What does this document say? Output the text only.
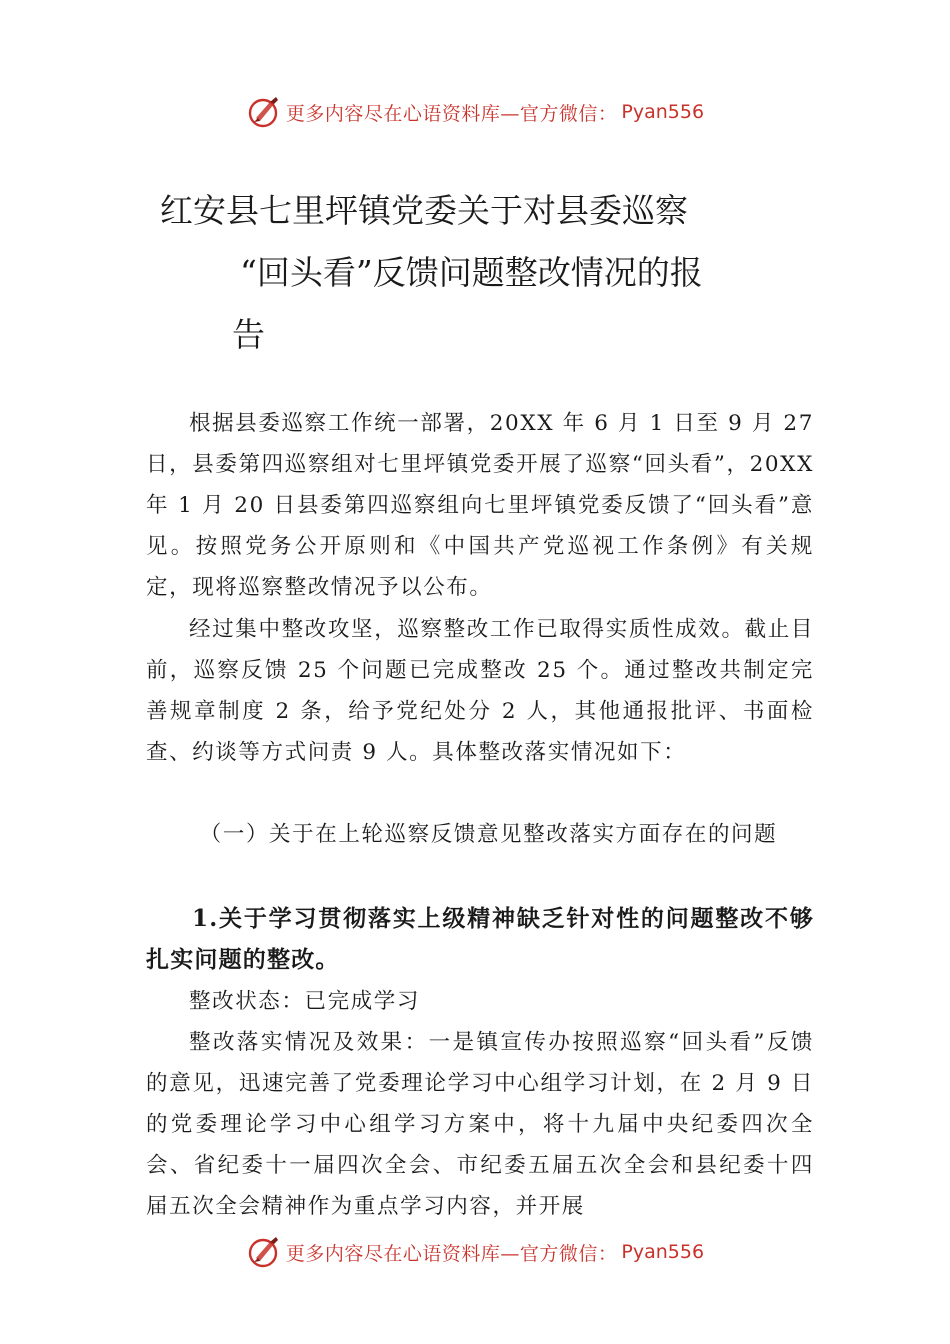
更多内容尽在心语资料库—官方微信： Pyan556
红安县七里坪镇党委关于对县委巡察
“回头看”反馈问题整改情况的报
告
根据县委巡察工作统一部署，20XX 年 6 月 1 日至 9 月 27 日，县委第四巡察组对七里坪镇党委开展了巡察“回头看”，20XX 年 1 月 20 日县委第四巡察组向七里坪镇党委反馈了“回头看”意见。按照党务公开原则和《中国共产党巡视工作条例》有关规定，现将巡察整改情况予以公布。
经过集中整改攻坚，巡察整改工作已取得实质性成效。截止目前，巡察反馈 25 个问题已完成整改 25 个。通过整改共制定完善规章制度 2 条，给予党纪处分 2 人，其他通报批评、书面检查、约谈等方式问责 9 人。具体整改落实情况如下：
（一）关于在上轮巡察反馈意见整改落实方面存在的问题
1.关于学习贯彻落实上级精神缺乏针对性的问题整改不够扎实问题的整改。
整改状态：已完成学习
整改落实情况及效果：一是镇宣传办按照巡察“回头看”反馈的意见，迅速完善了党委理论学习中心组学习计划，在 2 月 9 日的党委理论学习中心组学习方案中，将十九届中央纪委四次全会、省纪委十一届四次全会、市纪委五届五次全会和县纪委十四届五次全会精神作为重点学习内容，并开展
更多内容尽在心语资料库—官方微信： Pyan556
